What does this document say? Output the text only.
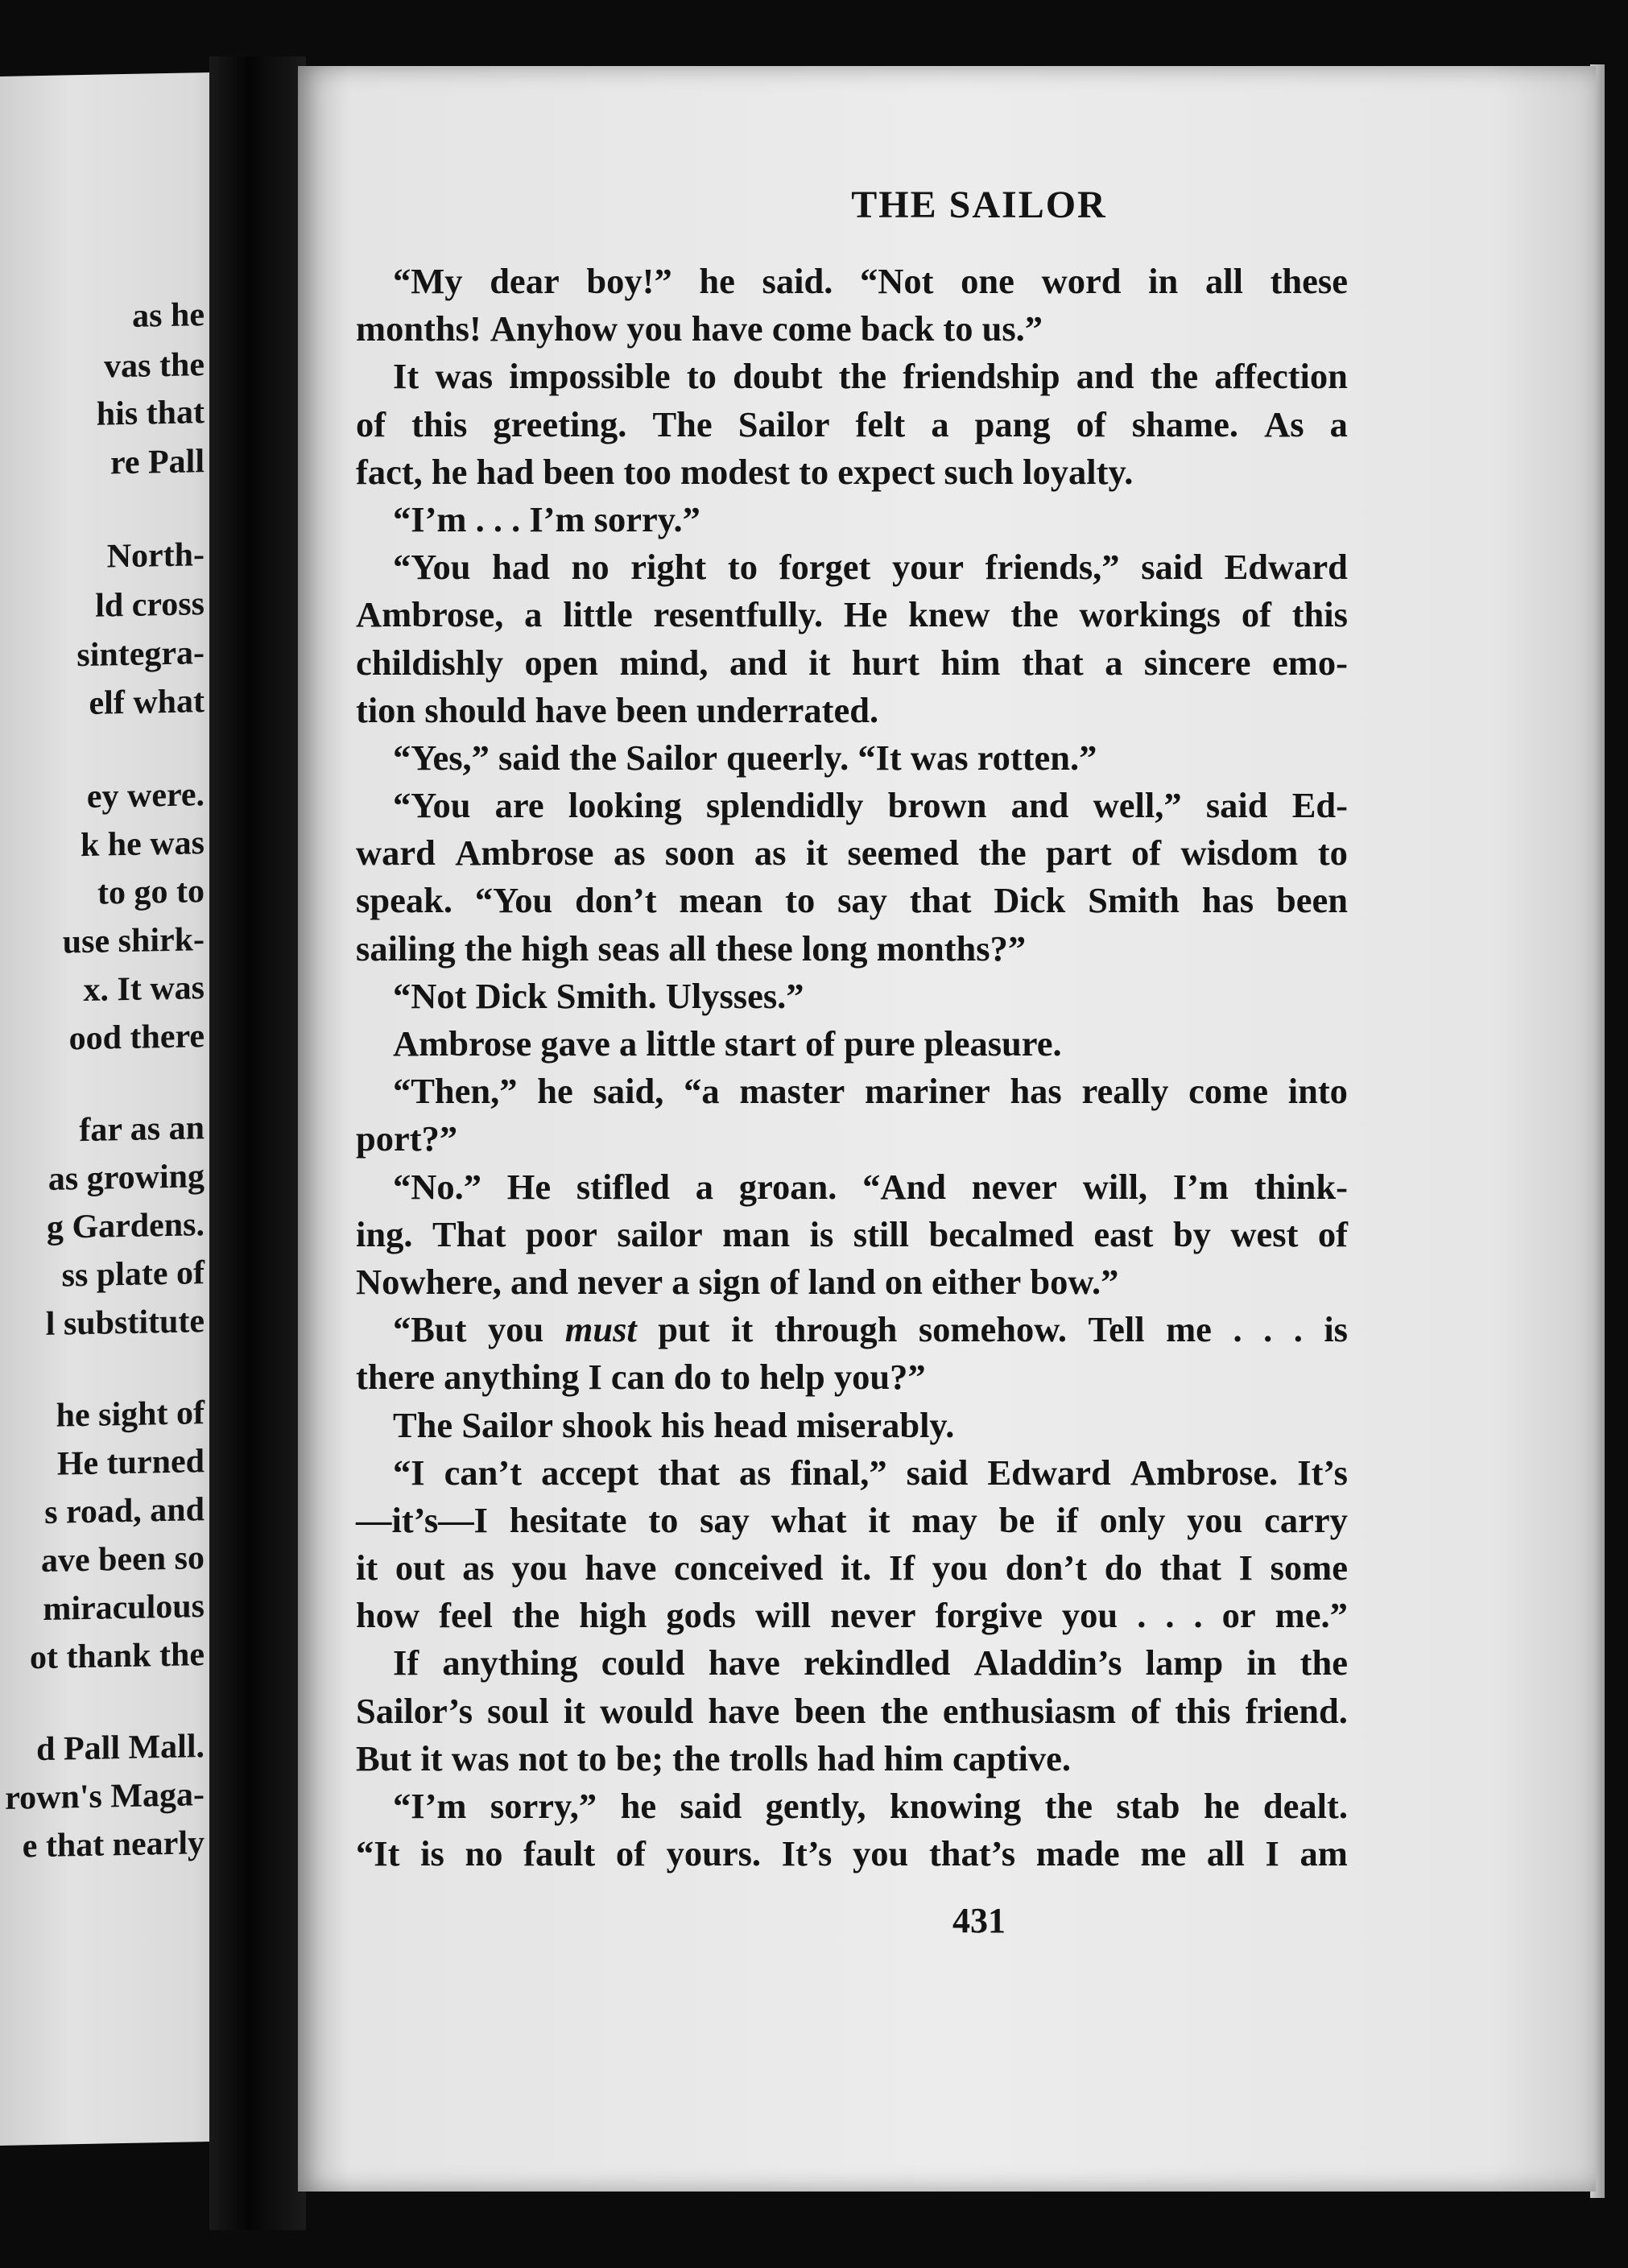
as he
vas the
his that
re Pall
North-
ld cross
sintegra-
elf what
ey were.
k he was
to go to
use shirk-
x. It was
ood there
far as an
as growing
g Gardens.
ss plate of
l substitute
he sight of
He turned
s road, and
ave been so
miraculous
ot thank the
d Pall Mall.
rown's Maga-
e that nearly
THE SAILOR
“My dear boy!” he said. “Not one word in all these
months! Anyhow you have come back to us.”
It was impossible to doubt the friendship and the affection
of this greeting. The Sailor felt a pang of shame. As a
fact, he had been too modest to expect such loyalty.
“I’m . . . I’m sorry.”
“You had no right to forget your friends,” said Edward
Ambrose, a little resentfully. He knew the workings of this
childishly open mind, and it hurt him that a sincere emo-
tion should have been underrated.
“Yes,” said the Sailor queerly. “It was rotten.”
“You are looking splendidly brown and well,” said Ed-
ward Ambrose as soon as it seemed the part of wisdom to
speak. “You don’t mean to say that Dick Smith has been
sailing the high seas all these long months?”
“Not Dick Smith. Ulysses.”
Ambrose gave a little start of pure pleasure.
“Then,” he said, “a master mariner has really come into
port?”
“No.” He stifled a groan. “And never will, I’m think-
ing. That poor sailor man is still becalmed east by west of
Nowhere, and never a sign of land on either bow.”
“But you must put it through somehow. Tell me . . . is
there anything I can do to help you?”
The Sailor shook his head miserably.
“I can’t accept that as final,” said Edward Ambrose. It’s
—it’s—I hesitate to say what it may be if only you carry
it out as you have conceived it. If you don’t do that I some
how feel the high gods will never forgive you . . . or me.”
If anything could have rekindled Aladdin’s lamp in the
Sailor’s soul it would have been the enthusiasm of this friend.
But it was not to be; the trolls had him captive.
“I’m sorry,” he said gently, knowing the stab he dealt.
“It is no fault of yours. It’s you that’s made me all I am
431
